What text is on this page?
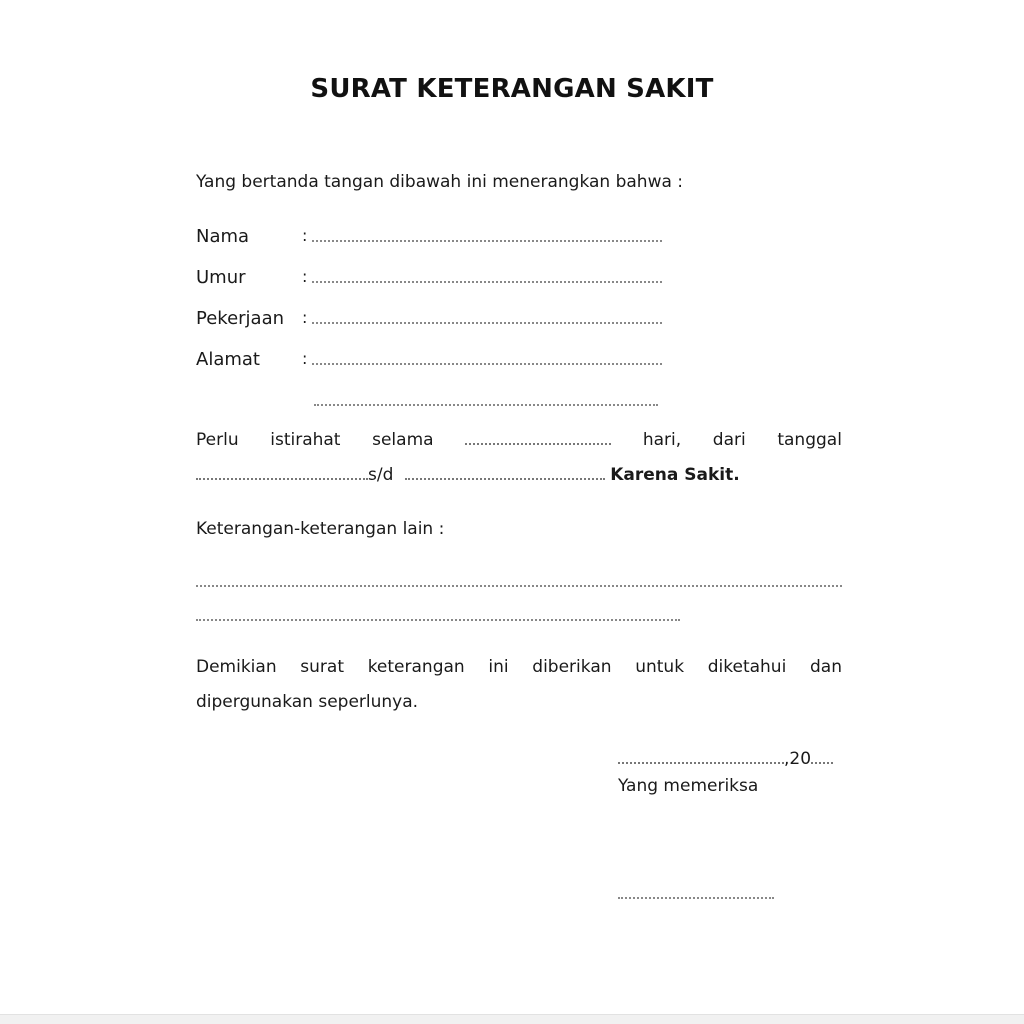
SURAT KETERANGAN SAKIT
Yang bertanda tangan dibawah ini menerangkan bahwa :
Nama	:
Umur	:
Pekerjaan :
Alamat	:
Perlu istirahat selama	hari, dari tanggal
s/d	Karena Sakit.
Keterangan-keterangan lain :
Demikian surat keterangan ini diberikan untuk diketahui dan
dipergunakan seperlunya.
,20
Yang memeriksa
